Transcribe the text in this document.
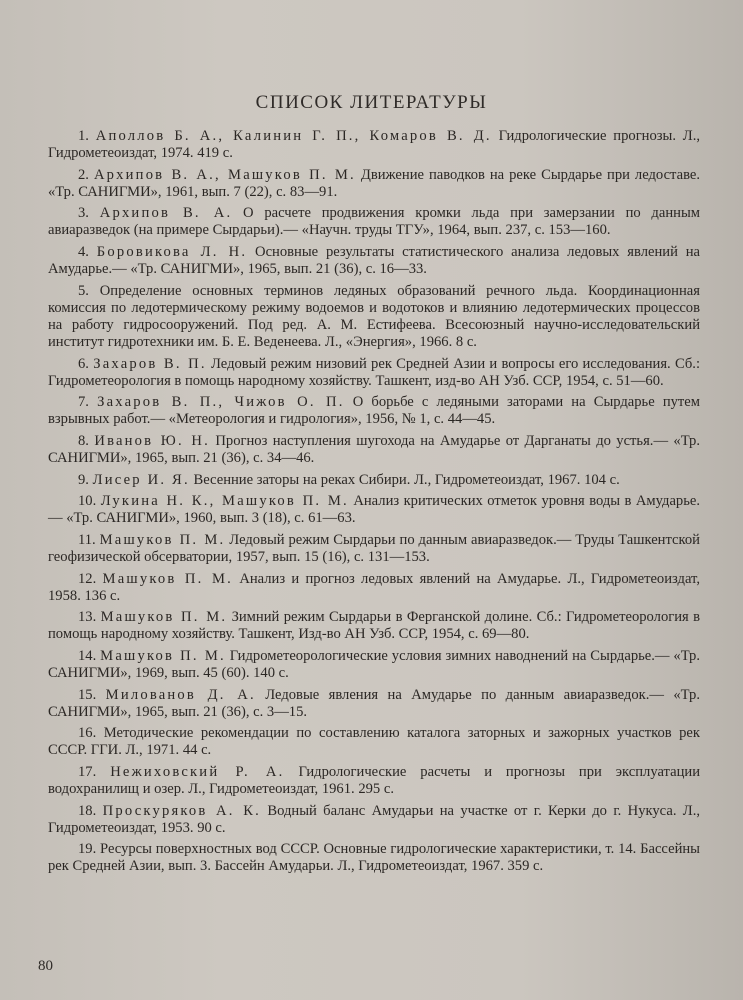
СПИСОК ЛИТЕРАТУРЫ

1. Аполлов Б. А., Калинин Г. П., Комаров В. Д. Гидрологические прогнозы. Л., Гидрометеоиздат, 1974. 419 с.

2. Архипов В. А., Машуков П. М. Движение паводков на реке Сырдарье при ледоставе. «Тр. САНИГМИ», 1961, вып. 7 (22), с. 83—91.

3. Архипов В. А. О расчете продвижения кромки льда при замерзании по данным авиаразведок (на примере Сырдарьи).— «Научн. труды ТГУ», 1964, вып. 237, с. 153—160.

4. Боровикова Л. Н. Основные результаты статистического анализа ледовых явлений на Амударье.— «Тр. САНИГМИ», 1965, вып. 21 (36), с. 16—33.

5. Определение основных терминов ледяных образований речного льда. Координационная комиссия по ледотермическому режиму водоемов и водотоков и влиянию ледотермических процессов на работу гидросооружений. Под ред. А. М. Естифеева. Всесоюзный научно-исследовательский институт гидротехники им. Б. Е. Веденеева. Л., «Энергия», 1966. 8 с.

6. Захаров В. П. Ледовый режим низовий рек Средней Азии и вопросы его исследования. Сб.: Гидрометеорология в помощь народному хозяйству. Ташкент, изд-во АН Узб. ССР, 1954, с. 51—60.

7. Захаров В. П., Чижов О. П. О борьбе с ледяными заторами на Сырдарье путем взрывных работ.— «Метеорология и гидрология», 1956, № 1, с. 44—45.

8. Иванов Ю. Н. Прогноз наступления шугохода на Амударье от Дарганаты до устья.— «Тр. САНИГМИ», 1965, вып. 21 (36), с. 34—46.

9. Лисер И. Я. Весенние заторы на реках Сибири. Л., Гидрометеоиздат, 1967. 104 с.

10. Лукина Н. К., Машуков П. М. Анализ критических отметок уровня воды в Амударье.— «Тр. САНИГМИ», 1960, вып. 3 (18), с. 61—63.

11. Машуков П. М. Ледовый режим Сырдарьи по данным авиаразведок.— Труды Ташкентской геофизической обсерватории, 1957, вып. 15 (16), с. 131—153.

12. Машуков П. М. Анализ и прогноз ледовых явлений на Амударье. Л., Гидрометеоиздат, 1958. 136 с.

13. Машуков П. М. Зимний режим Сырдарьи в Ферганской долине. Сб.: Гидрометеорология в помощь народному хозяйству. Ташкент, Изд-во АН Узб. ССР, 1954, с. 69—80.

14. Машуков П. М. Гидрометеорологические условия зимних наводнений на Сырдарье.— «Тр. САНИГМИ», 1969, вып. 45 (60). 140 с.

15. Милованов Д. А. Ледовые явления на Амударье по данным авиаразведок.— «Тр. САНИГМИ», 1965, вып. 21 (36), с. 3—15.

16. Методические рекомендации по составлению каталога заторных и зажорных участков рек СССР. ГГИ. Л., 1971. 44 с.

17. Нежиховский Р. А. Гидрологические расчеты и прогнозы при эксплуатации водохранилищ и озер. Л., Гидрометеоиздат, 1961. 295 с.

18. Проскуряков А. К. Водный баланс Амударьи на участке от г. Керки до г. Нукуса. Л., Гидрометеоиздат, 1953. 90 с.

19. Ресурсы поверхностных вод СССР. Основные гидрологические характеристики, т. 14. Бассейны рек Средней Азии, вып. 3. Бассейн Амударьи. Л., Гидрометеоиздат, 1967. 359 с.

80
